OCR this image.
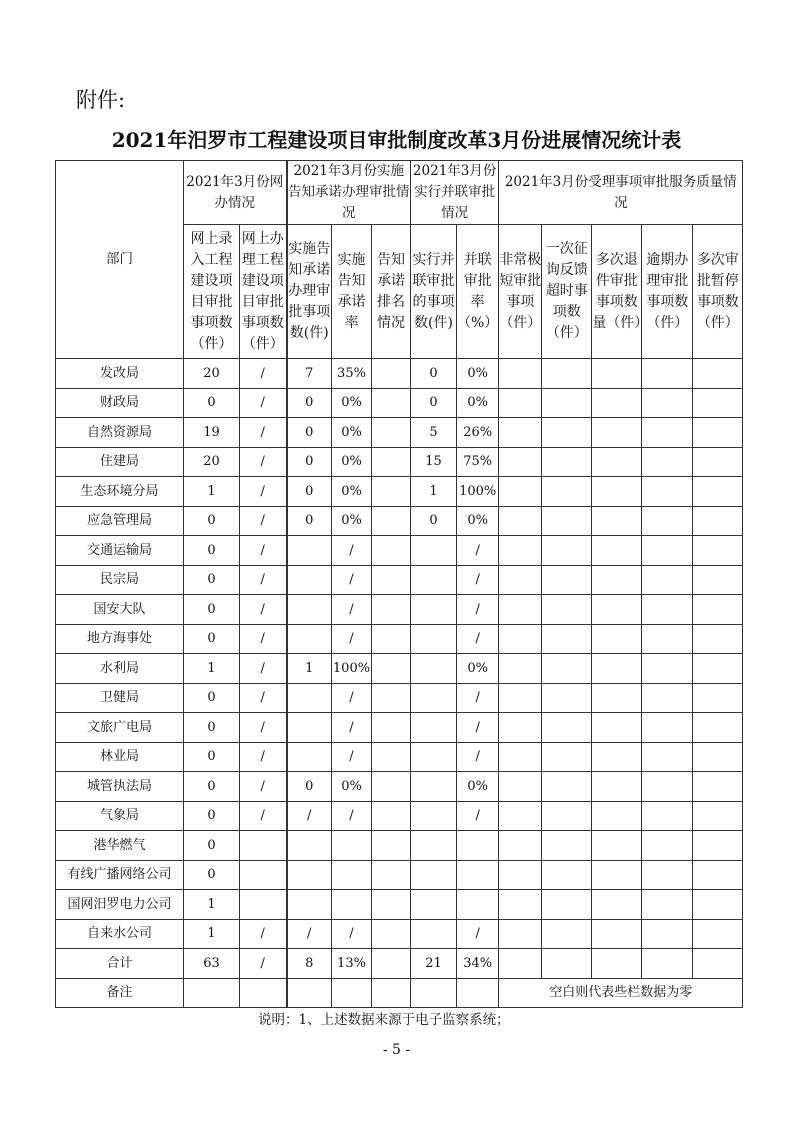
附件:
2021年汨罗市工程建设项目审批制度改革3月份进展情况统计表
部门	2021年3月份网办情况		2021年3月份实施告知承诺办理审批情况			2021年3月份实行并联审批情况		2021年3月份受理事项审批服务质量情况				
	网上录入工程建设项目审批事项数（件）	网上办理工程建设项目审批事项数（件）	实施告知承诺办理审批事项数(件)	实施告知承诺率	告知承诺排名情况	实行并联审批的事项数(件)	并联审批率（%）	非常极短审批事项（件）	一次征询反馈超时事项数（件）	多次退件审批事项数量（件）	逾期办理审批事项数（件）	多次审批暂停事项数（件）
发改局	20	/	7	35%		0	0%					
财政局	0	/	0	0%		0	0%					
自然资源局	19	/	0	0%		5	26%					
住建局	20	/	0	0%		15	75%					
生态环境分局	1	/	0	0%		1	100%					
应急管理局	0	/	0	0%		0	0%					
交通运输局	0	/		/			/					
民宗局	0	/		/			/					
国安大队	0	/		/			/					
地方海事处	0	/		/			/					
水利局	1	/	1	100%			0%					
卫健局	0	/		/			/					
文旅广电局	0	/		/			/					
林业局	0	/		/			/					
城管执法局	0	/	0	0%			0%					
气象局	0	/	/	/			/					
港华燃气	0											
有线广播网络公司	0											
国网汨罗电力公司	1											
自来水公司	1	/	/	/			/					
合计	63	/	8	13%		21	34%					
备注								空白则代表些栏数据为零				
说明：1、上述数据来源于电子监察系统；
- 5 -
